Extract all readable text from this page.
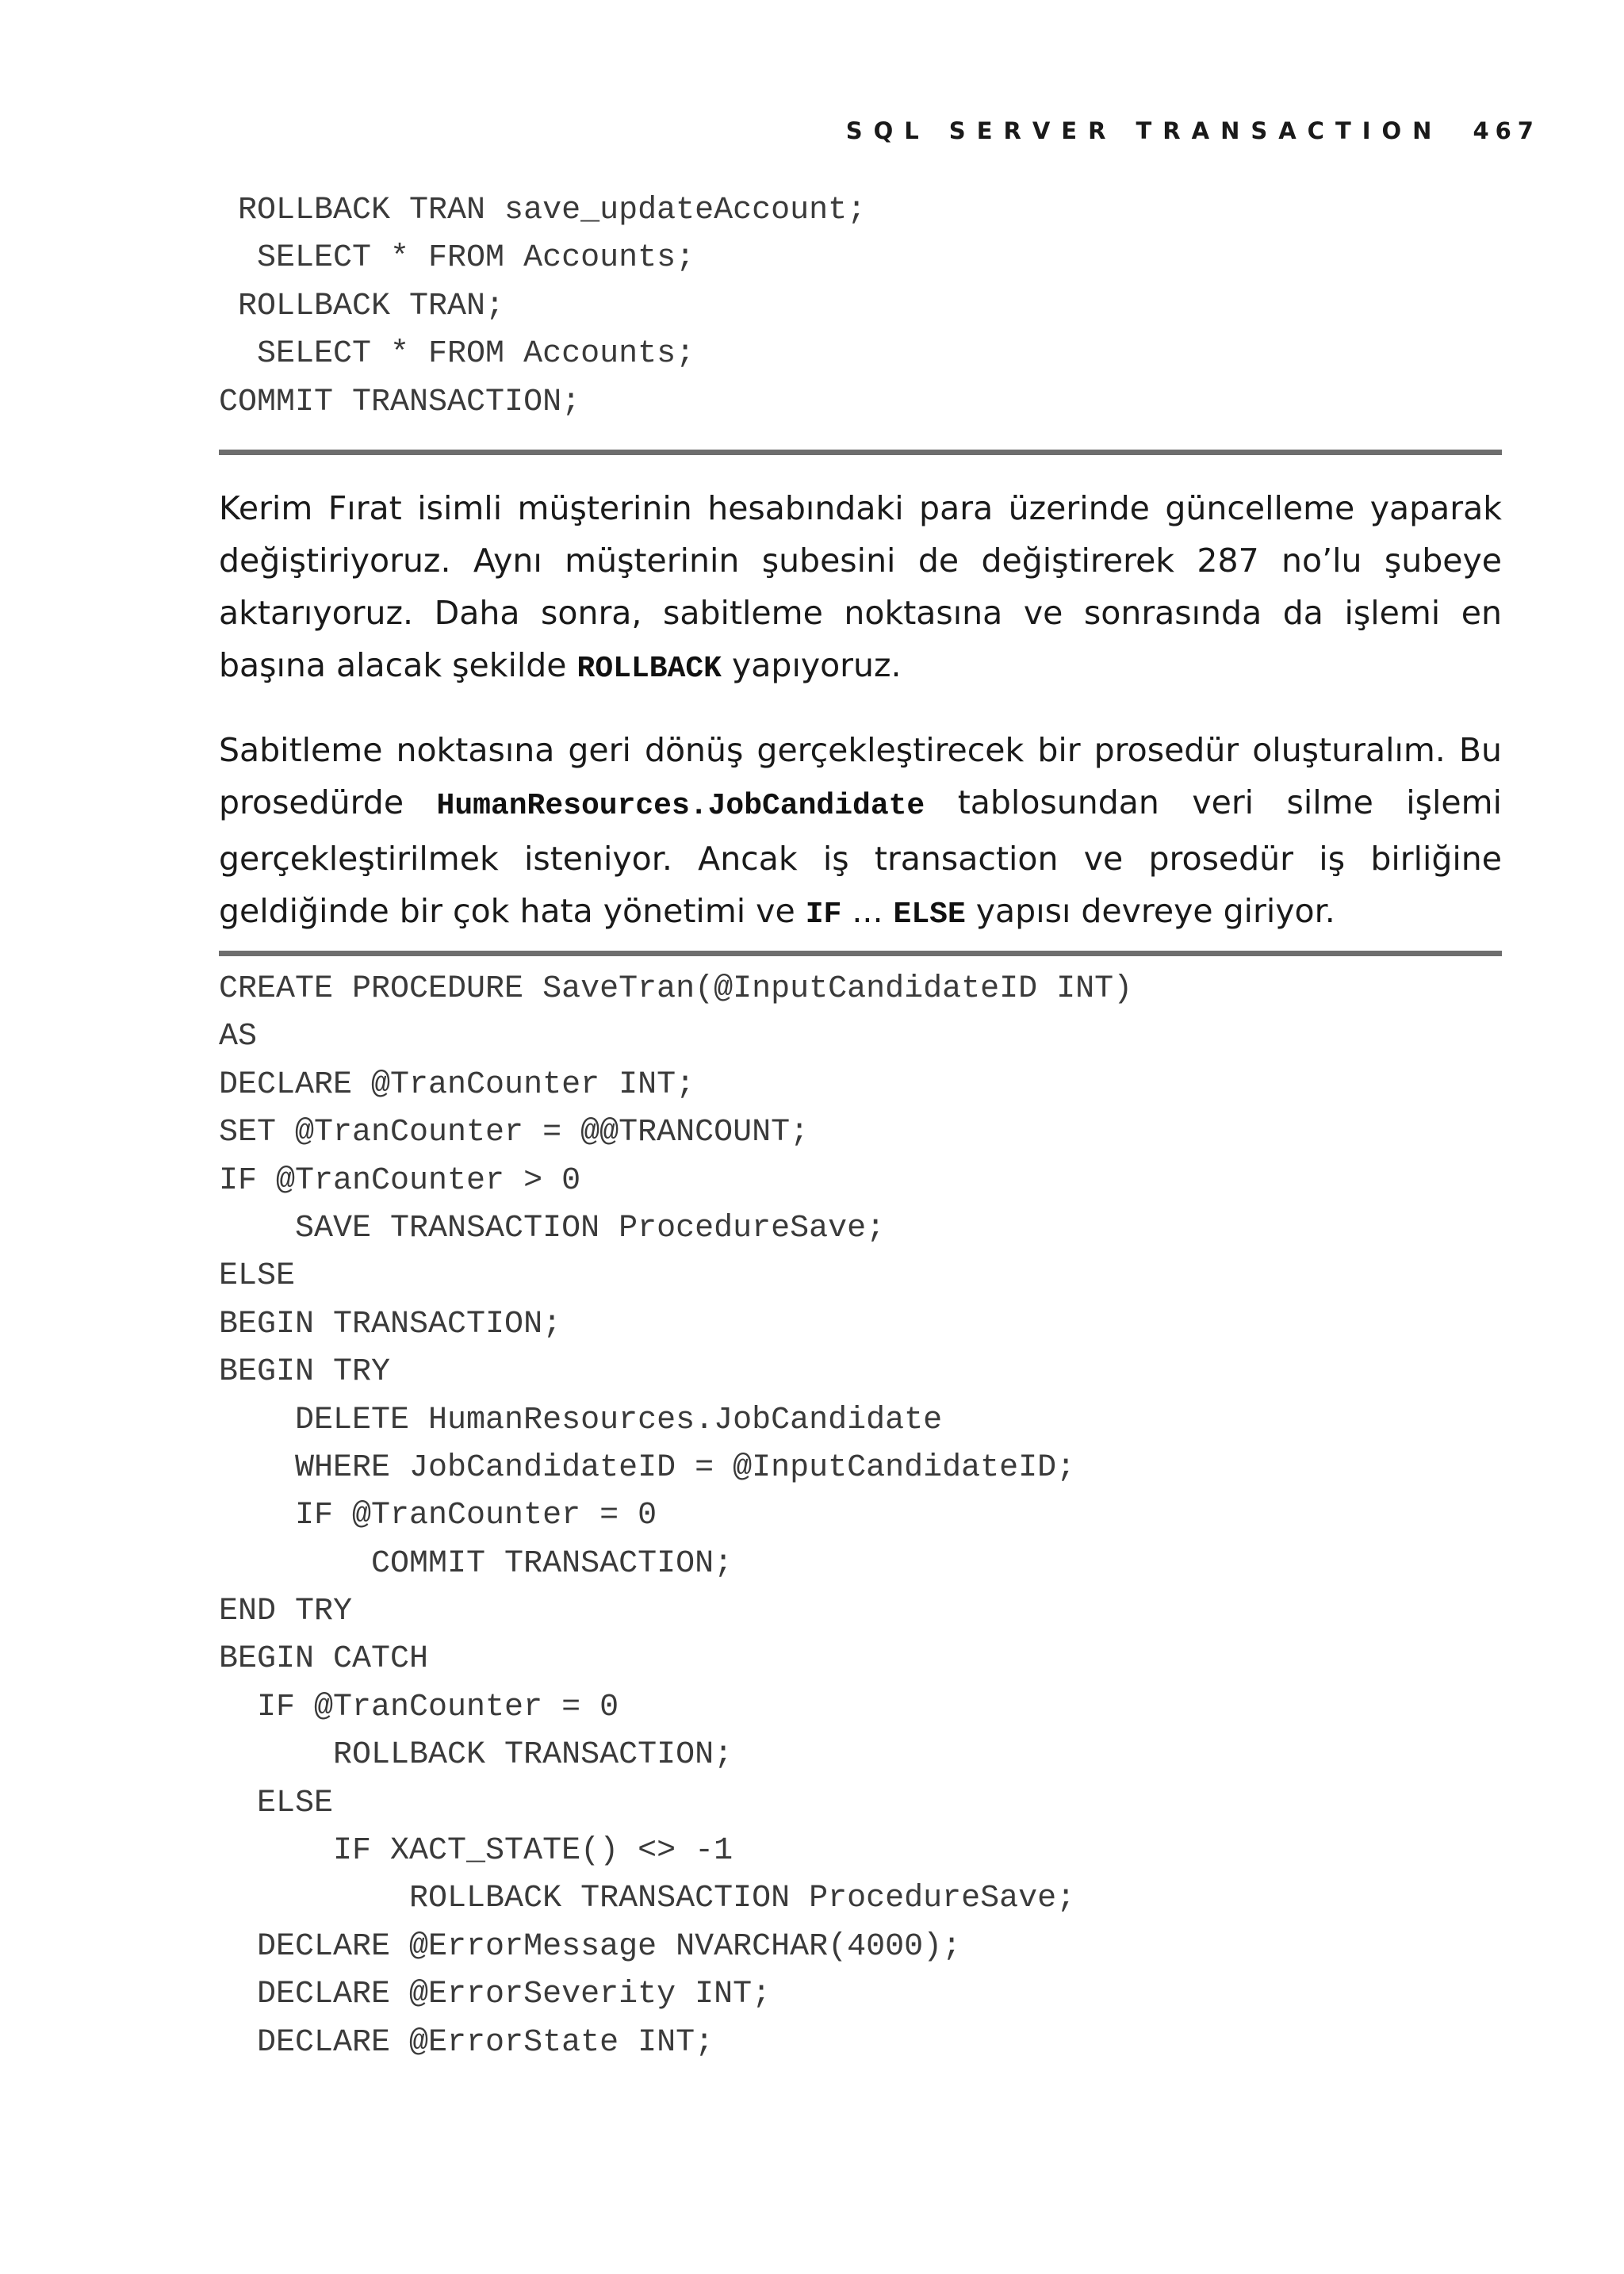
SQL SERVER TRANSACTION 467
ROLLBACK TRAN save_updateAccount;
SELECT * FROM Accounts;
ROLLBACK TRAN;
SELECT * FROM Accounts;
COMMIT TRANSACTION;

Kerim Fırat isimli müşterinin hesabındaki para üzerinde güncelleme yaparak değiştiriyoruz. Aynı müşterinin şubesini de değiştirerek 287 no’lu şubeye aktarıyoruz. Daha sonra, sabitleme noktasına ve sonrasında da işlemi en başına alacak şekilde ROLLBACK yapıyoruz.

Sabitleme noktasına geri dönüş gerçekleştirecek bir prosedür oluşturalım. Bu prosedürde HumanResources.JobCandidate tablosundan veri silme işlemi gerçekleştirilmek isteniyor. Ancak iş transaction ve prosedür iş birliğine geldiğinde bir çok hata yönetimi ve IF ... ELSE yapısı devreye giriyor.

CREATE PROCEDURE SaveTran(@InputCandidateID INT)
AS
DECLARE @TranCounter INT;
SET @TranCounter = @@TRANCOUNT;
IF @TranCounter > 0
SAVE TRANSACTION ProcedureSave;
ELSE
BEGIN TRANSACTION;
BEGIN TRY
DELETE HumanResources.JobCandidate
WHERE JobCandidateID = @InputCandidateID;
IF @TranCounter = 0
COMMIT TRANSACTION;
END TRY
BEGIN CATCH
IF @TranCounter = 0
ROLLBACK TRANSACTION;
ELSE
IF XACT_STATE() <> -1
ROLLBACK TRANSACTION ProcedureSave;
DECLARE @ErrorMessage NVARCHAR(4000);
DECLARE @ErrorSeverity INT;
DECLARE @ErrorState INT;
